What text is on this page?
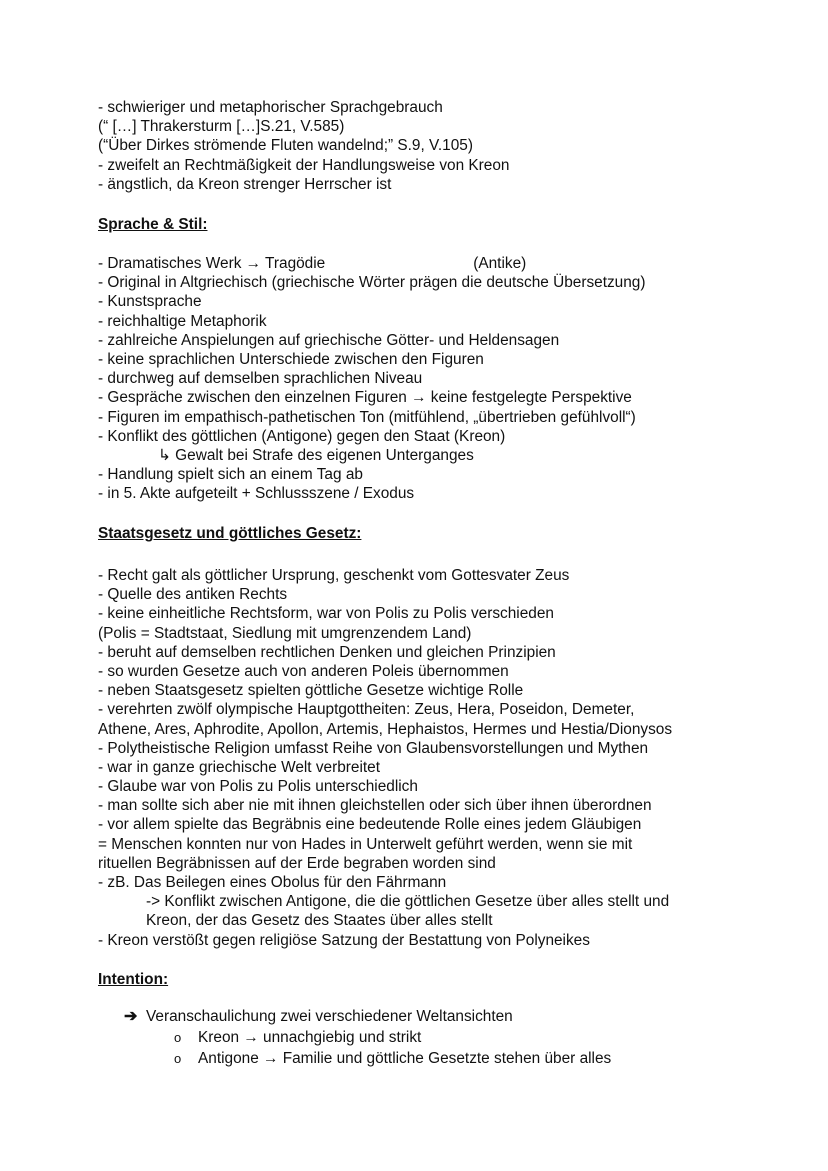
- schwieriger und metaphorischer Sprachgebrauch
(“ […] Thrakersturm […]S.21, V.585)
(“Über Dirkes strömende Fluten wandelnd;” S.9, V.105)
- zweifelt an Rechtmäßigkeit der Handlungsweise von Kreon
- ängstlich, da Kreon strenger Herrscher ist
Sprache & Stil:
- Dramatisches Werk → Tragödie	(Antike)
- Original in Altgriechisch (griechische Wörter prägen die deutsche Übersetzung)
- Kunstsprache
- reichhaltige Metaphorik
- zahlreiche Anspielungen auf griechische Götter- und Heldensagen
- keine sprachlichen Unterschiede zwischen den Figuren
- durchweg auf demselben sprachlichen Niveau
- Gespräche zwischen den einzelnen Figuren → keine festgelegte Perspektive
- Figuren im empathisch-pathetischen Ton (mitfühlend, „übertrieben gefühlvoll“)
- Konflikt des göttlichen (Antigone) gegen den Staat (Kreon)
↳ Gewalt bei Strafe des eigenen Unterganges
- Handlung spielt sich an einem Tag ab
- in 5. Akte aufgeteilt + Schlussszene / Exodus
Staatsgesetz und göttliches Gesetz:
- Recht galt als göttlicher Ursprung, geschenkt vom Gottesvater Zeus
- Quelle des antiken Rechts
- keine einheitliche Rechtsform, war von Polis zu Polis verschieden
(Polis = Stadtstaat, Siedlung mit umgrenzendem Land)
- beruht auf demselben rechtlichen Denken und gleichen Prinzipien
- so wurden Gesetze auch von anderen Poleis übernommen
- neben Staatsgesetz spielten göttliche Gesetze wichtige Rolle
- verehrten zwölf olympische Hauptgottheiten: Zeus, Hera, Poseidon, Demeter,
Athene, Ares, Aphrodite, Apollon, Artemis, Hephaistos, Hermes und Hestia/Dionysos
- Polytheistische Religion umfasst Reihe von Glaubensvorstellungen und Mythen
- war in ganze griechische Welt verbreitet
- Glaube war von Polis zu Polis unterschiedlich
- man sollte sich aber nie mit ihnen gleichstellen oder sich über ihnen überordnen
- vor allem spielte das Begräbnis eine bedeutende Rolle eines jedem Gläubigen
= Menschen konnten nur von Hades in Unterwelt geführt werden, wenn sie mit
rituellen Begräbnissen auf der Erde begraben worden sind
- zB. Das Beilegen eines Obolus für den Fährmann
-> Konflikt zwischen Antigone, die die göttlichen Gesetze über alles stellt und
Kreon, der das Gesetz des Staates über alles stellt
- Kreon verstößt gegen religiöse Satzung der Bestattung von Polyneikes
Intention:
➔ Veranschaulichung zwei verschiedener Weltansichten
o	Kreon → unnachgiebig und strikt
o	Antigone → Familie und göttliche Gesetzte stehen über alles
